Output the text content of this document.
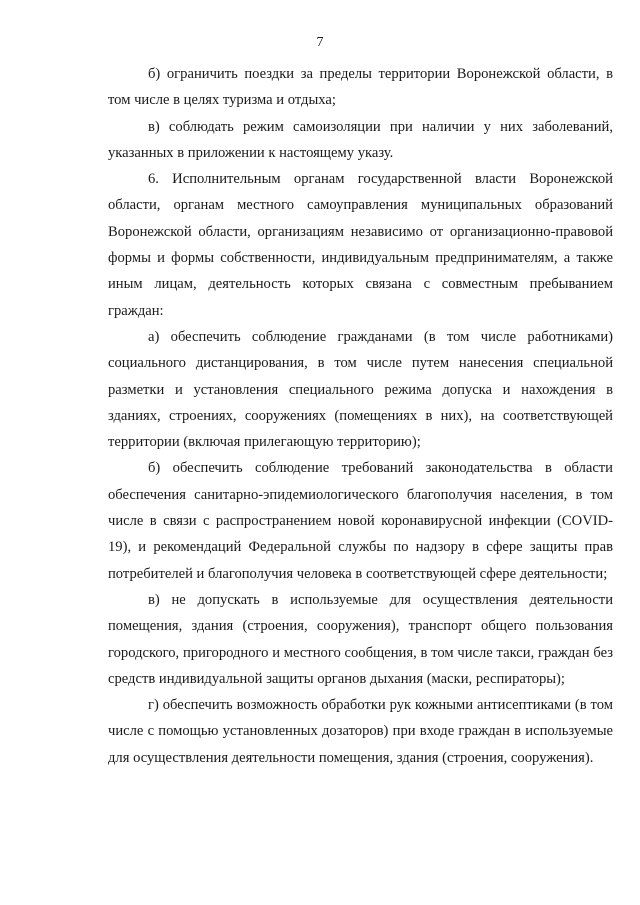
7

б) ограничить поездки за пределы территории Воронежской области, в том числе в целях туризма и отдыха;

в) соблюдать режим самоизоляции при наличии у них заболеваний, указанных в приложении к настоящему указу.

6. Исполнительным органам государственной власти Воронежской области, органам местного самоуправления муниципальных образований Воронежской области, организациям независимо от организационно-правовой формы и формы собственности, индивидуальным предпринимателям, а также иным лицам, деятельность которых связана с совместным пребыванием граждан:

а) обеспечить соблюдение гражданами (в том числе работниками) социального дистанцирования, в том числе путем нанесения специальной разметки и установления специального режима допуска и нахождения в зданиях, строениях, сооружениях (помещениях в них), на соответствующей территории (включая прилегающую территорию);

б) обеспечить соблюдение требований законодательства в области обеспечения санитарно-эпидемиологического благополучия населения, в том числе в связи с распространением новой коронавирусной инфекции (COVID-19), и рекомендаций Федеральной службы по надзору в сфере защиты прав потребителей и благополучия человека в соответствующей сфере деятельности;

в) не допускать в используемые для осуществления деятельности помещения, здания (строения, сооружения), транспорт общего пользования городского, пригородного и местного сообщения, в том числе такси, граждан без средств индивидуальной защиты органов дыхания (маски, респираторы);

г) обеспечить возможность обработки рук кожными антисептиками (в том числе с помощью установленных дозаторов) при входе граждан в используемые для осуществления деятельности помещения, здания (строения, сооружения).
